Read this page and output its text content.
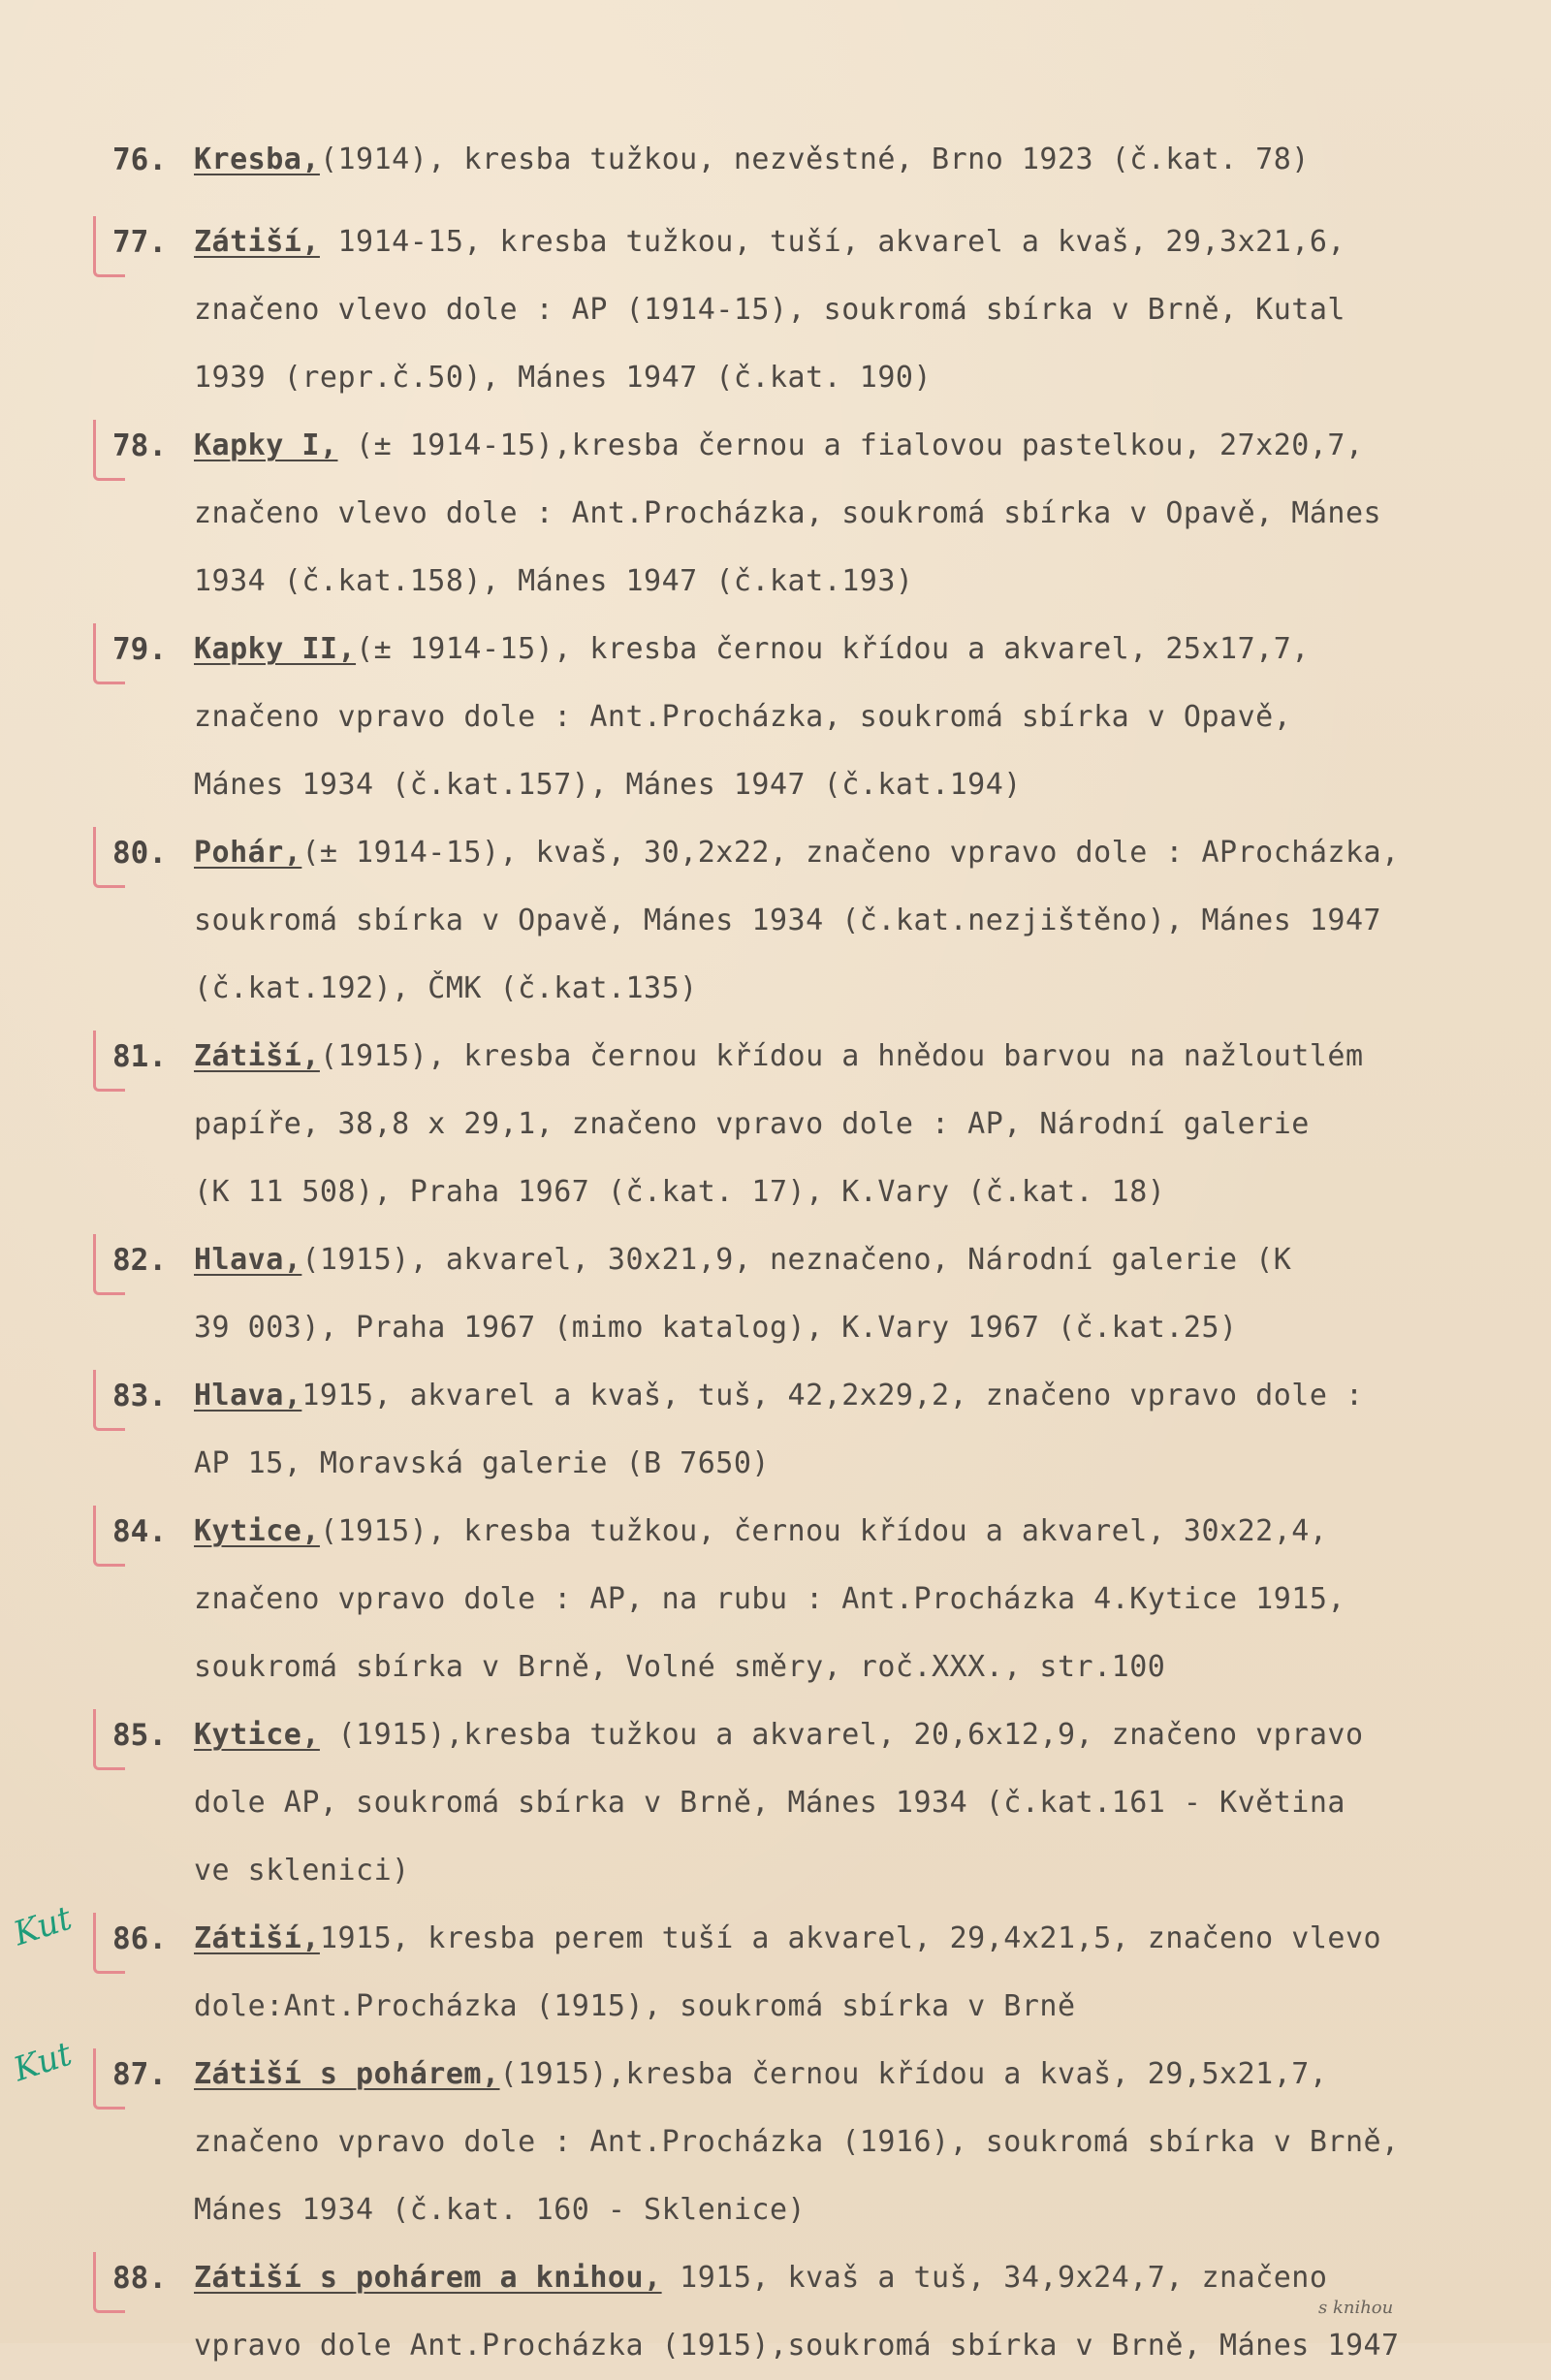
76. Kresba,(1914), kresba tužkou, nezvěstné, Brno 1923 (č.kat. 78)
77. Zátiší, 1914-15, kresba tužkou, tuší, akvarel a kvaš, 29,3x21,6,
značeno vlevo dole : AP (1914-15), soukromá sbírka v Brně, Kutal
1939 (repr.č.50), Mánes 1947 (č.kat. 190)
78. Kapky I, (± 1914-15),kresba černou a fialovou pastelkou, 27x20,7,
značeno vlevo dole : Ant.Procházka, soukromá sbírka v Opavě, Mánes
1934 (č.kat.158), Mánes 1947 (č.kat.193)
79. Kapky II,(± 1914-15), kresba černou křídou a akvarel, 25x17,7,
značeno vpravo dole : Ant.Procházka, soukromá sbírka v Opavě,
Mánes 1934 (č.kat.157), Mánes 1947 (č.kat.194)
80. Pohár,(± 1914-15), kvaš, 30,2x22, značeno vpravo dole : AProcházka,
soukromá sbírka v Opavě, Mánes 1934 (č.kat.nezjištěno), Mánes 1947
(č.kat.192), ČMK (č.kat.135)
81. Zátiší,(1915), kresba černou křídou a hnědou barvou na nažloutlém
papíře, 38,8 x 29,1, značeno vpravo dole : AP, Národní galerie
(K 11 508), Praha 1967 (č.kat. 17), K.Vary (č.kat. 18)
82. Hlava,(1915), akvarel, 30x21,9, neznačeno, Národní galerie (K
39 003), Praha 1967 (mimo katalog), K.Vary 1967 (č.kat.25)
83. Hlava,1915, akvarel a kvaš, tuš, 42,2x29,2, značeno vpravo dole :
AP 15, Moravská galerie (B 7650)
84. Kytice,(1915), kresba tužkou, černou křídou a akvarel, 30x22,4,
značeno vpravo dole : AP, na rubu : Ant.Procházka 4.Kytice 1915,
soukromá sbírka v Brně, Volné směry, roč.XXX., str.100
85. Kytice, (1915),kresba tužkou a akvarel, 20,6x12,9, značeno vpravo
dole AP, soukromá sbírka v Brně, Mánes 1934 (č.kat.161 - Květina
ve sklenici)
86. Zátiší,1915, kresba perem tuší a akvarel, 29,4x21,5, značeno vlevo
dole:Ant.Procházka (1915), soukromá sbírka v Brně
Kut
87. Zátiší s pohárem,(1915),kresba černou křídou a kvaš, 29,5x21,7,
značeno vpravo dole : Ant.Procházka (1916), soukromá sbírka v Brně,
Mánes 1934 (č.kat. 160 - Sklenice)
Kut
88. Zátiší s pohárem a knihou, 1915, kvaš a tuš, 34,9x24,7, značeno
vpravo dole Ant.Procházka (1915),soukromá sbírka v Brně, Mánes 1947
s knihou
